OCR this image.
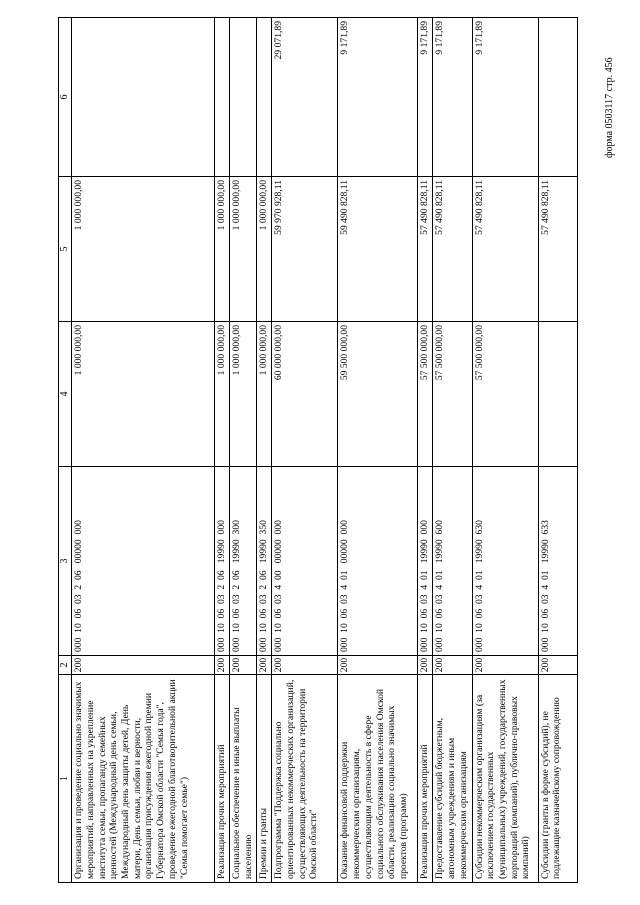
форма 0503117 стр. 456
1	2	3	4	5	6
Организация и проведение социально значимых мероприятий, направленных на укрепление института семьи, пропаганду семейных ценностей (Международный день семьи, Международный день защиты детей, День матери, День семьи, любви и верности, организация присуждения ежегодной премии Губернатора Омской области "Семья года", проведение ежегодной благотворительной акции "Семья помогает семье")	200	000  10  06  03  2  06   00000  000	1 000 000,00	1 000 000,00	
Реализация прочих мероприятий	200	000  10  06  03  2  06   19990  000	1 000 000,00	1 000 000,00	
Социальное обеспечение и иные выплаты населению	200	000  10  06  03  2  06   19990  300	1 000 000,00	1 000 000,00	
Премии и гранты	200	000  10  06  03  2  06   19990  350	1 000 000,00	1 000 000,00	
Подпрограмма "Поддержка социально ориентированных некоммерческих организаций, осуществляющих деятельность на территории Омской области"	200	000  10  06  03  4  00   00000  000	60 000 000,00	59 970 928,11	29 071,89
Оказание финансовой поддержки некоммерческим организациям, осуществляющим деятельность в сфере социального обслуживания населения Омской области, реализацию социально значимых проектов (программ)	200	000  10  06  03  4  01   00000  000	59 500 000,00	59 490 828,11	9 171,89
Реализация прочих мероприятий	200	000  10  06  03  4  01   19990  000	57 500 000,00	57 490 828,11	9 171,89
Предоставление субсидий бюджетным, автономным учреждениям и иным некоммерческим организациям	200	000  10  06  03  4  01   19990  600	57 500 000,00	57 490 828,11	9 171,89
Субсидии некоммерческим организациям (за исключением государственных (муниципальных) учреждений, государственных корпораций (компаний), публично-правовых компаний)	200	000  10  06  03  4  01   19990  630	57 500 000,00	57 490 828,11	9 171,89
Субсидии (гранты в форме субсидий), не подлежащие казначейскому сопровождению	200	000  10  06  03  4  01   19990  633		57 490 828,11	
